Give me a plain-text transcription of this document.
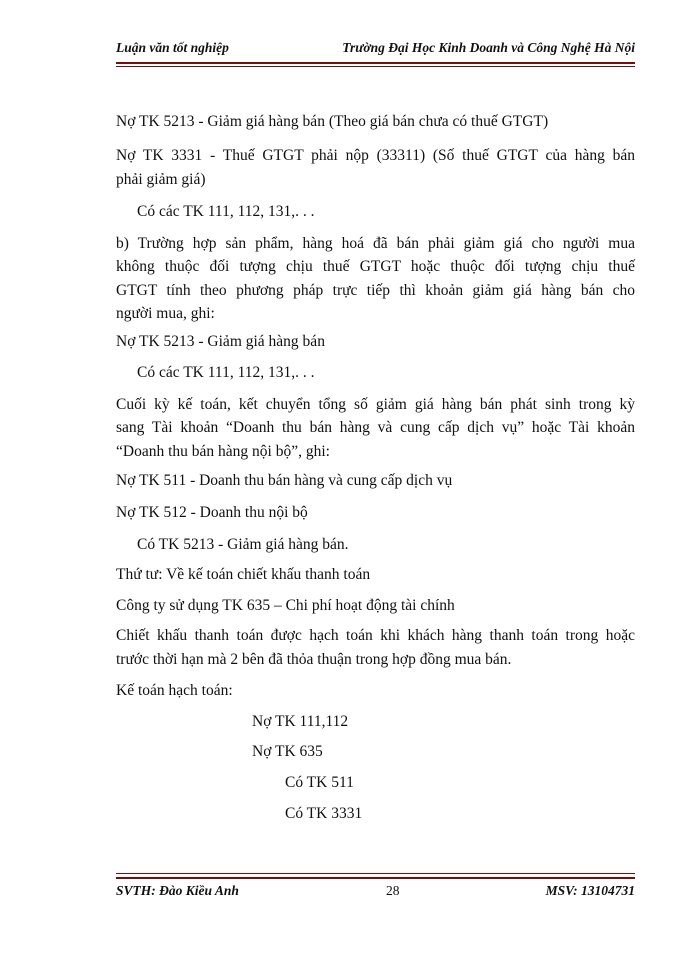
Luận văn tốt nghiệp	Trường Đại Học Kinh Doanh và Công Nghệ Hà Nội
Nợ TK 5213 - Giảm giá hàng bán (Theo giá bán chưa có thuế GTGT)
Nợ TK 3331 - Thuế GTGT phải nộp (33311) (Số thuế GTGT của hàng bán
phải giảm giá)
Có các TK 111, 112, 131,. . .
b) Trường hợp sản phẩm, hàng hoá đã bán phải giảm giá cho người mua
không thuộc đối tượng chịu thuế GTGT hoặc thuộc đối tượng chịu thuế
GTGT tính theo phương pháp trực tiếp thì khoản giảm giá hàng bán cho
người mua, ghi:
Nợ TK 5213 - Giảm giá hàng bán
Có các TK 111, 112, 131,. . .
Cuối kỳ kế toán, kết chuyển tổng số giảm giá hàng bán phát sinh trong kỳ
sang Tài khoản “Doanh thu bán hàng và cung cấp dịch vụ” hoặc Tài khoản
“Doanh thu bán hàng nội bộ”, ghi:
Nợ TK 511 - Doanh thu bán hàng và cung cấp dịch vụ
Nợ TK 512 - Doanh thu nội bộ
Có TK 5213 - Giảm giá hàng bán.
Thứ tư: Về kế toán chiết khấu thanh toán
Công ty sử dụng TK 635 – Chi phí hoạt động tài chính
Chiết khấu thanh toán được hạch toán khi khách hàng thanh toán trong hoặc
trước thời hạn mà 2 bên đã thỏa thuận trong hợp đồng mua bán.
Kế toán hạch toán:
Nợ TK 111,112
Nợ TK 635
Có TK 511
Có TK 3331
SVTH: Đào Kiều Anh	28	MSV: 13104731
